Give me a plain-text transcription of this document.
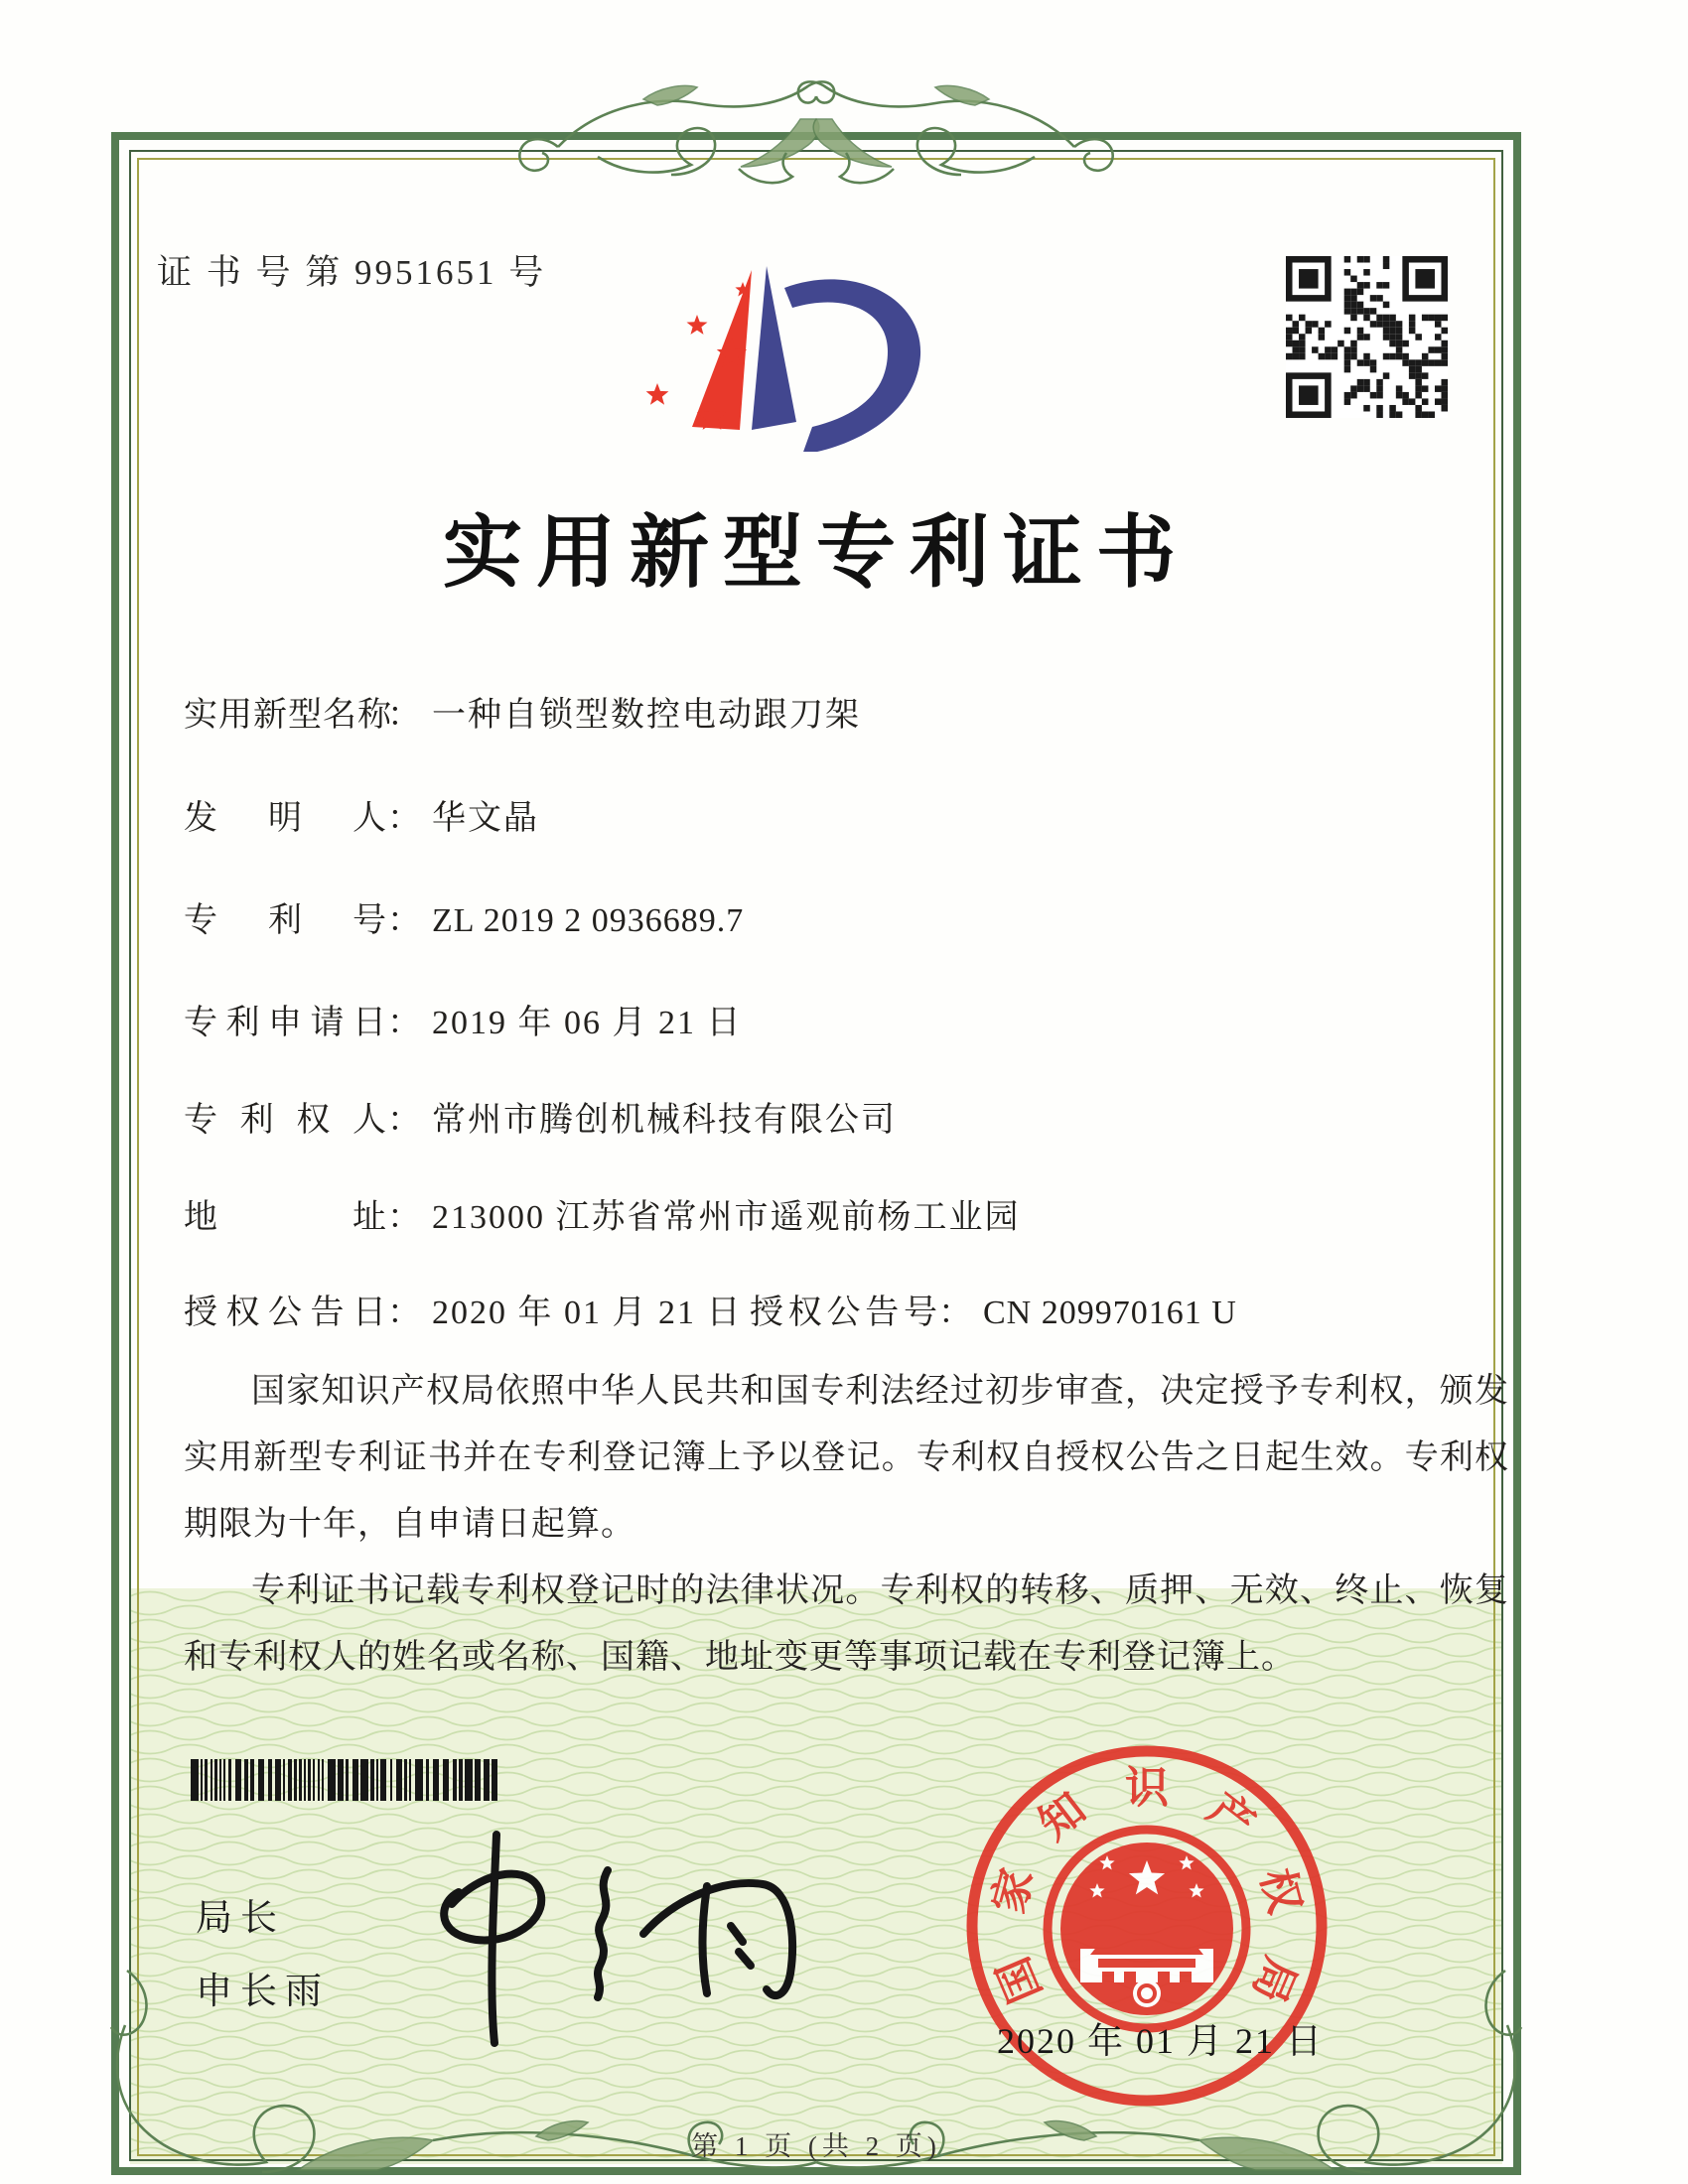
证 书 号 第 9951651 号
实用新型专利证书
实用新型名称： 一种自锁型数控电动跟刀架
发明人： 华文晶
专利号： ZL 2019 2 0936689.7
专利申请日： 2019 年 06 月 21 日
专利权人： 常州市腾创机械科技有限公司
地址： 213000 江苏省常州市遥观前杨工业园
授权公告日： 2020 年 01 月 21 日 授权公告号： CN 209970161 U

国家知识产权局依照中华人民共和国专利法经过初步审查，决定授予专利权，颁发实用新型专利证书并在专利登记簿上予以登记。专利权自授权公告之日起生效。专利权期限为十年，自申请日起算。

专利证书记载专利权登记时的法律状况。专利权的转移、质押、无效、终止、恢复和专利权人的姓名或名称、国籍、地址变更等事项记载在专利登记簿上。

局长
申长雨	国
家
知 识 产
权
局
2020 年 01 月 21 日
第 1 页 (共 2 页)
